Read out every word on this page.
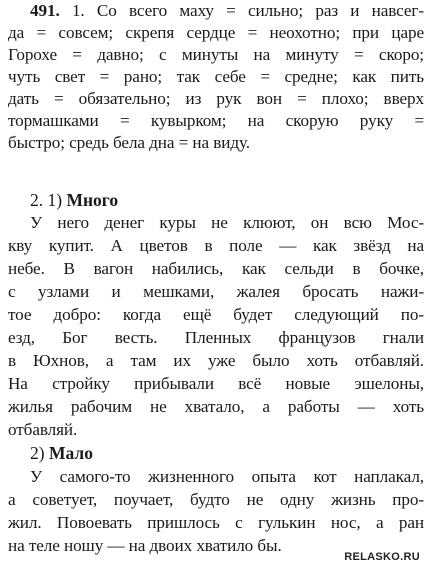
491. 1. Со всего маху = сильно; раз и навсег-
да = совсем; скрепя сердце = неохотно; при царе
Горохе = давно; с минуты на минуту = скоро;
чуть свет = рано; так себе = средне; как пить
дать = обязательно; из рук вон = плохо; вверх
тормашками = кувырком; на скорую руку =
быстро; средь бела дна = на виду.
2. 1) Много
У него денег куры не клюют, он всю Мос-
кву купит. А цветов в поле — как звёзд на
небе. В вагон набились, как сельди в бочке,
с узлами и мешками, жалея бросать нажи-
тое добро: когда ещё будет следующий по-
езд, Бог весть. Пленных французов гнали
в Юхнов, а там их уже было хоть отбавляй.
На стройку прибывали всё новые эшелоны,
жилья рабочим не хватало, а работы — хоть
отбавляй.
2) Мало
У самого-то жизненного опыта кот наплакал,
а советует, поучает, будто не одну жизнь про-
жил. Повоевать пришлось с гулькин нос, а ран
на теле ношу — на двоих хватило бы.
RELASKO.RU
